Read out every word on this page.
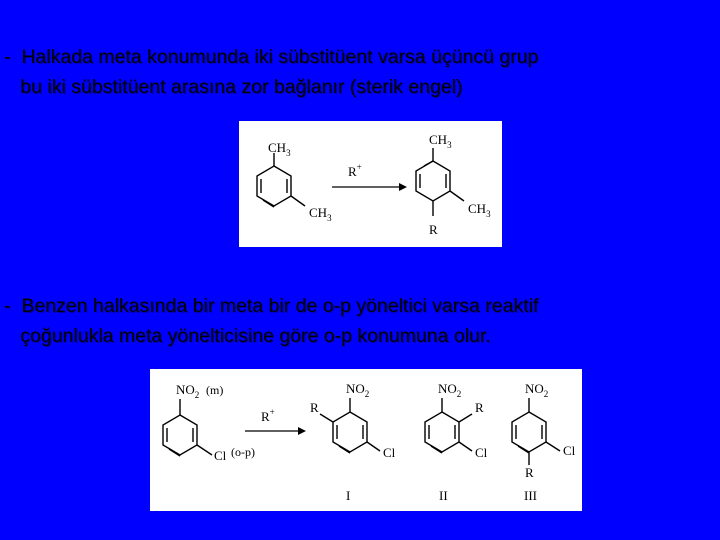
- Halkada meta konumunda iki sübstitüent varsa üçüncü grup
bu iki sübstitüent arasına zor bağlanır (sterik engel)
$CH_3$
$CH_3$
R+
$CH_3$
$CH_3$
R
- Benzen halkasında bir meta bir de o-p yöneltici varsa reaktif
çoğunlukla meta yönelticisine göre o-p konumuna olur.
$NO_2$ (m)
Cl (o-p)
R+
$NO_2$
R
Cl
I
$NO_2$
R
Cl
II
$NO_2$
Cl
R
III
